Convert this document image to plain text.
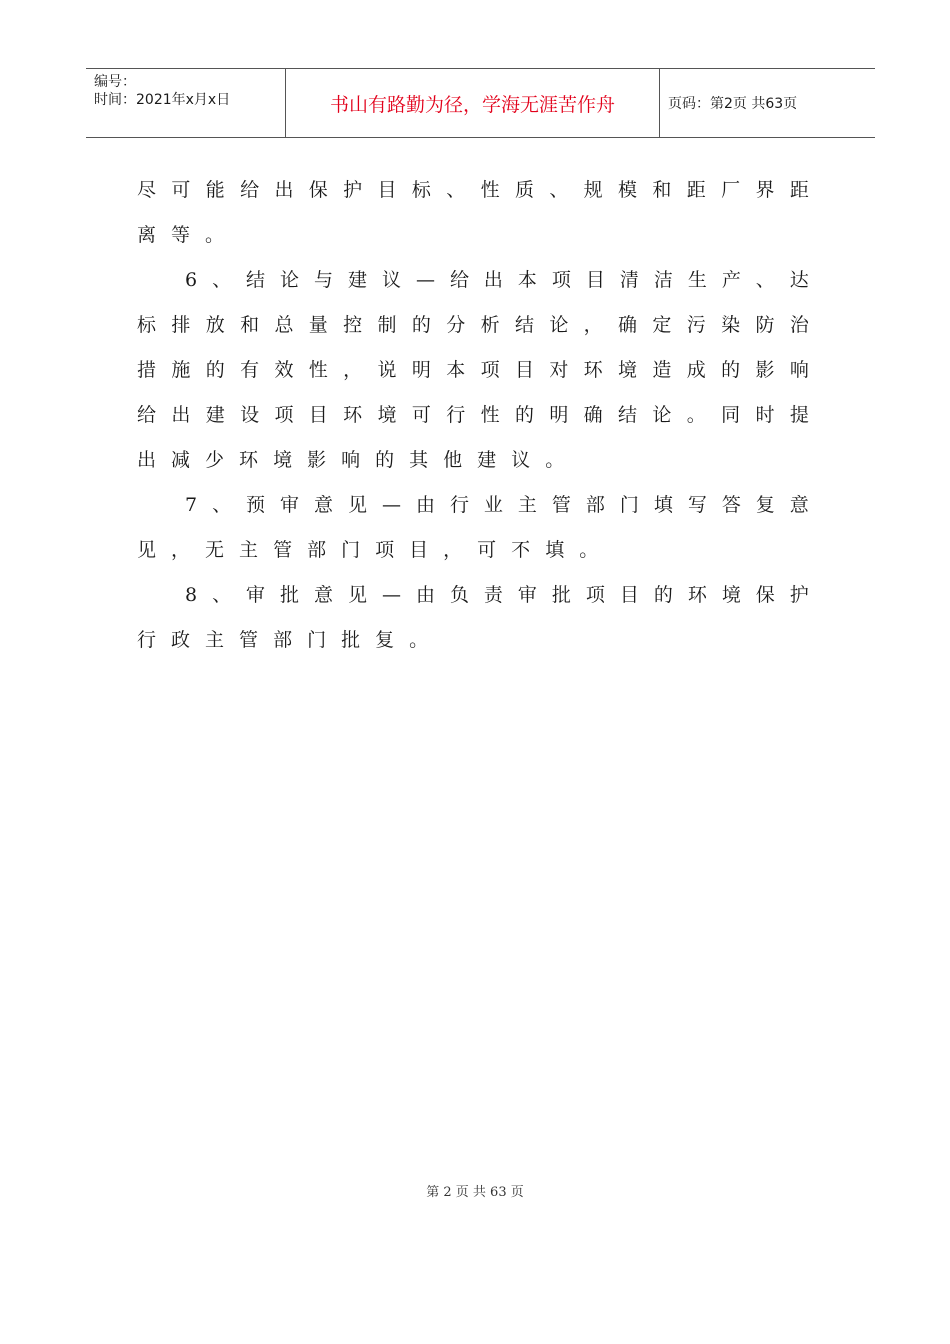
编号：
时间：2021年x月x日	书山有路勤为径，学海无涯苦作舟	页码：第2页 共63页
尽 可 能 给 出 保 护 目 标 、 性 质 、 规 模 和 距 厂 界 距
离 等 。
6 、 结 论 与 建 议 — 给 出 本 项 目 清 洁 生 产 、 达
标 排 放 和 总 量 控 制 的 分 析 结 论 ， 确 定 污 染 防 治
措 施 的 有 效 性 ， 说 明 本 项 目 对 环 境 造 成 的 影 响
给 出 建 设 项 目 环 境 可 行 性 的 明 确 结 论 。 同 时 提
出 减 少 环 境 影 响 的 其 他 建 议 。
7 、 预 审 意 见 — 由 行 业 主 管 部 门 填 写 答 复 意
见 ， 无 主 管 部 门 项 目 ， 可 不 填 。
8 、 审 批 意 见 — 由 负 责 审 批 项 目 的 环 境 保 护
行 政 主 管 部 门 批 复 。
第 2 页 共 63 页
